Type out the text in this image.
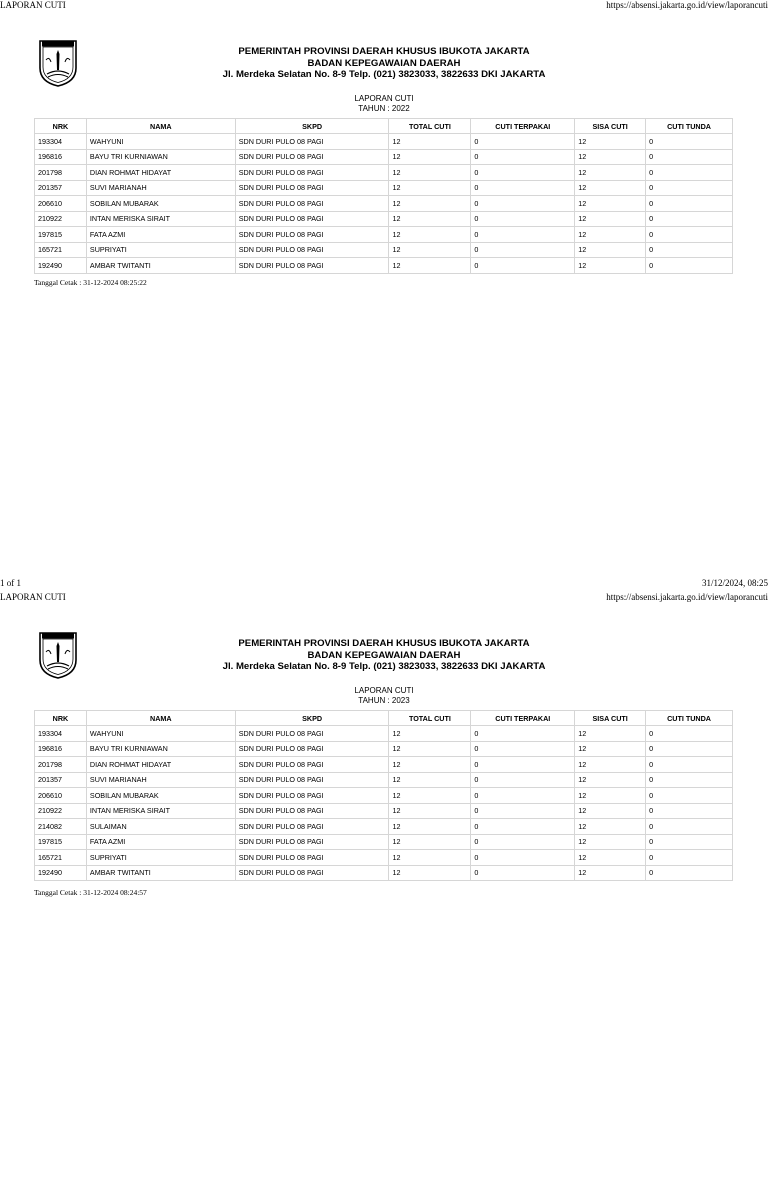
LAPORAN CUTI	https://absensi.jakarta.go.id/view/laporancuti
PEMERINTAH PROVINSI DAERAH KHUSUS IBUKOTA JAKARTA
BADAN KEPEGAWAIAN DAERAH
Jl. Merdeka Selatan No. 8-9 Telp. (021) 3823033, 3822633 DKI JAKARTA
LAPORAN CUTI
TAHUN : 2022
NRK	NAMA	SKPD	TOTAL CUTI	CUTI TERPAKAI	SISA CUTI	CUTI TUNDA
193304	WAHYUNI	SDN DURI PULO 08 PAGI	12	0	12	0
196816	BAYU TRI KURNIAWAN	SDN DURI PULO 08 PAGI	12	0	12	0
201798	DIAN ROHMAT HIDAYAT	SDN DURI PULO 08 PAGI	12	0	12	0
201357	SUVI MARIANAH	SDN DURI PULO 08 PAGI	12	0	12	0
206610	SOBILAN MUBARAK	SDN DURI PULO 08 PAGI	12	0	12	0
210922	INTAN MERISKA SIRAIT	SDN DURI PULO 08 PAGI	12	0	12	0
197815	FATA AZMI	SDN DURI PULO 08 PAGI	12	0	12	0
165721	SUPRIYATI	SDN DURI PULO 08 PAGI	12	0	12	0
192490	AMBAR TWITANTI	SDN DURI PULO 08 PAGI	12	0	12	0
Tanggal Cetak : 31-12-2024 08:25:22
1 of 1	31/12/2024, 08:25
LAPORAN CUTI	https://absensi.jakarta.go.id/view/laporancuti
PEMERINTAH PROVINSI DAERAH KHUSUS IBUKOTA JAKARTA
BADAN KEPEGAWAIAN DAERAH
Jl. Merdeka Selatan No. 8-9 Telp. (021) 3823033, 3822633 DKI JAKARTA
LAPORAN CUTI
TAHUN : 2023
NRK	NAMA	SKPD	TOTAL CUTI	CUTI TERPAKAI	SISA CUTI	CUTI TUNDA
193304	WAHYUNI	SDN DURI PULO 08 PAGI	12	0	12	0
196816	BAYU TRI KURNIAWAN	SDN DURI PULO 08 PAGI	12	0	12	0
201798	DIAN ROHMAT HIDAYAT	SDN DURI PULO 08 PAGI	12	0	12	0
201357	SUVI MARIANAH	SDN DURI PULO 08 PAGI	12	0	12	0
206610	SOBILAN MUBARAK	SDN DURI PULO 08 PAGI	12	0	12	0
210922	INTAN MERISKA SIRAIT	SDN DURI PULO 08 PAGI	12	0	12	0
214082	SULAIMAN	SDN DURI PULO 08 PAGI	12	0	12	0
197815	FATA AZMI	SDN DURI PULO 08 PAGI	12	0	12	0
165721	SUPRIYATI	SDN DURI PULO 08 PAGI	12	0	12	0
192490	AMBAR TWITANTI	SDN DURI PULO 08 PAGI	12	0	12	0
Tanggal Cetak : 31-12-2024 08:24:57
